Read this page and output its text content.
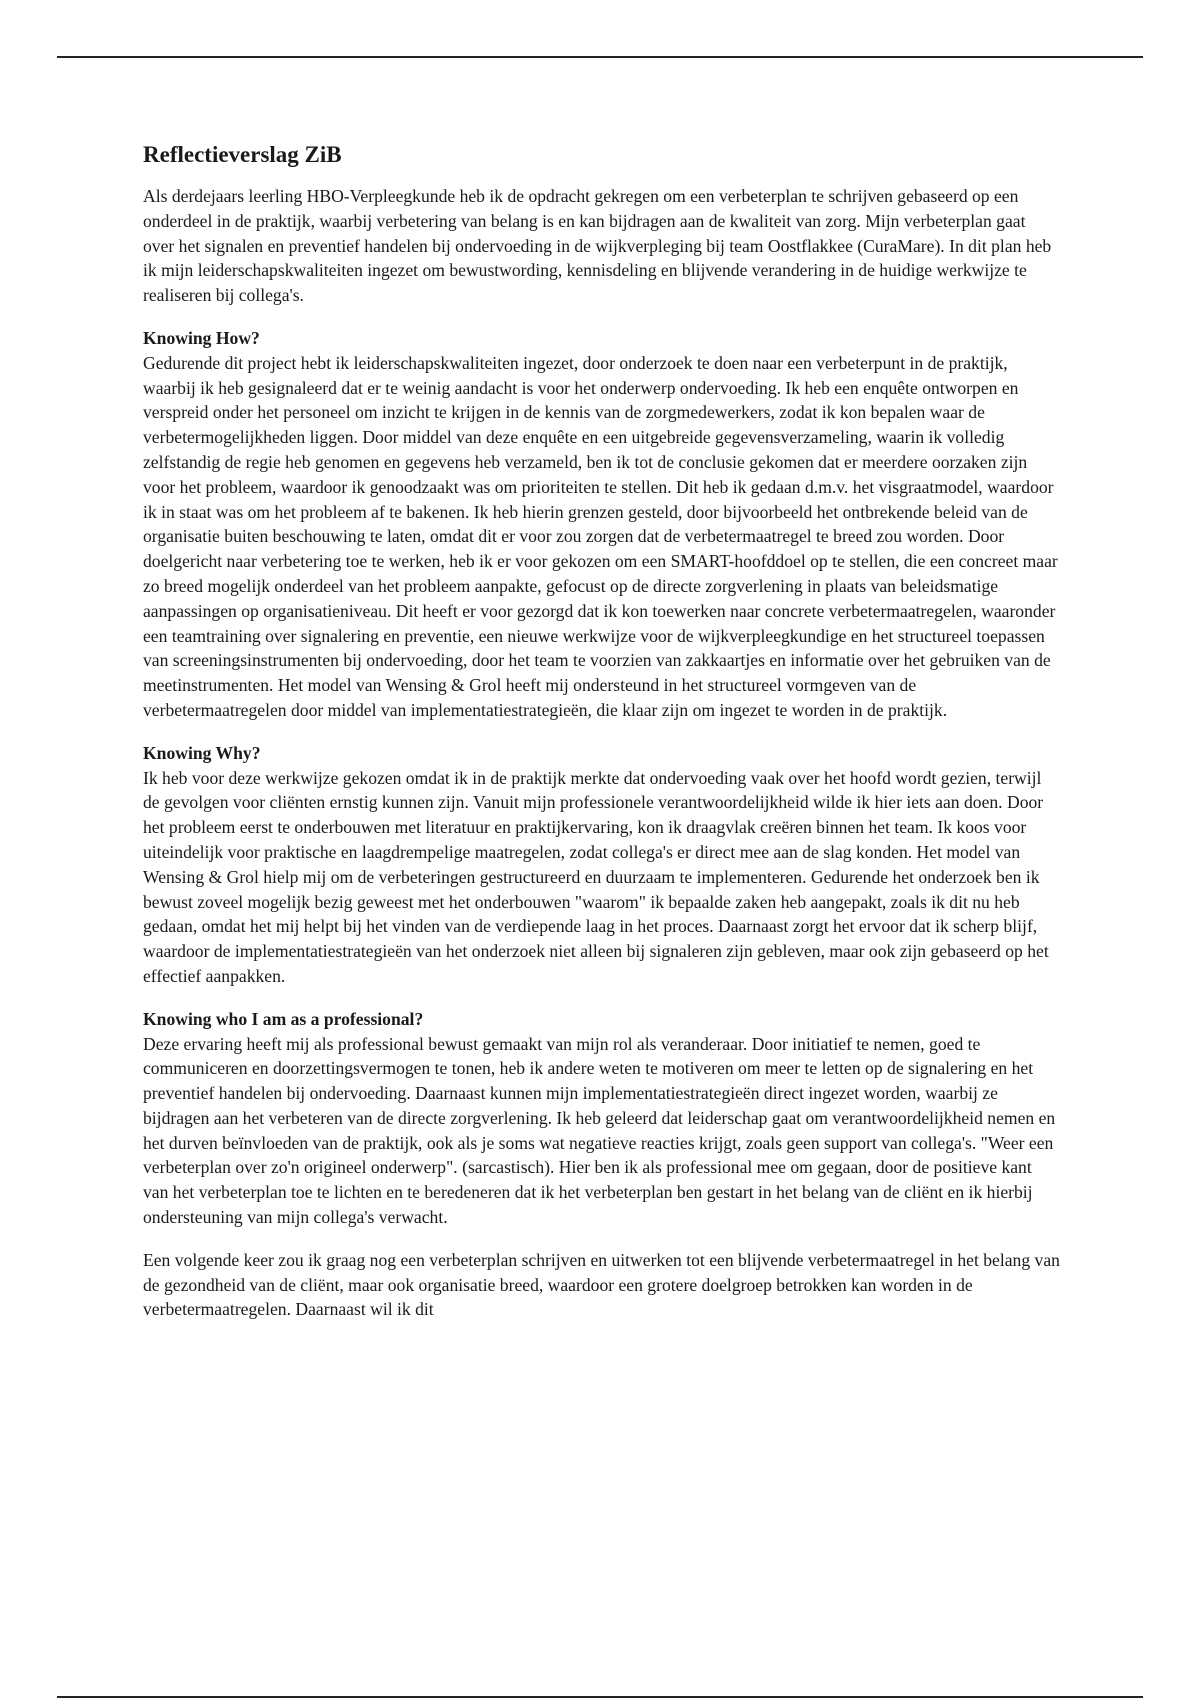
Reflectieverslag ZiB

Als derdejaars leerling HBO-Verpleegkunde heb ik de opdracht gekregen om een verbeterplan te schrijven gebaseerd op een onderdeel in de praktijk, waarbij verbetering van belang is en kan bijdragen aan de kwaliteit van zorg. Mijn verbeterplan gaat over het signalen en preventief handelen bij ondervoeding in de wijkverpleging bij team Oostflakkee (CuraMare). In dit plan heb ik mijn leiderschapskwaliteiten ingezet om bewustwording, kennisdeling en blijvende verandering in de huidige werkwijze te realiseren bij collega's.

Knowing How?

Gedurende dit project hebt ik leiderschapskwaliteiten ingezet, door onderzoek te doen naar een verbeterpunt in de praktijk, waarbij ik heb gesignaleerd dat er te weinig aandacht is voor het onderwerp ondervoeding. Ik heb een enquête ontworpen en verspreid onder het personeel om inzicht te krijgen in de kennis van de zorgmedewerkers, zodat ik kon bepalen waar de verbetermogelijkheden liggen. Door middel van deze enquête en een uitgebreide gegevensverzameling, waarin ik volledig zelfstandig de regie heb genomen en gegevens heb verzameld, ben ik tot de conclusie gekomen dat er meerdere oorzaken zijn voor het probleem, waardoor ik genoodzaakt was om prioriteiten te stellen. Dit heb ik gedaan d.m.v. het visgraatmodel, waardoor ik in staat was om het probleem af te bakenen. Ik heb hierin grenzen gesteld, door bijvoorbeeld het ontbrekende beleid van de organisatie buiten beschouwing te laten, omdat dit er voor zou zorgen dat de verbetermaatregel te breed zou worden. Door doelgericht naar verbetering toe te werken, heb ik er voor gekozen om een SMART-hoofddoel op te stellen, die een concreet maar zo breed mogelijk onderdeel van het probleem aanpakte, gefocust op de directe zorgverlening in plaats van beleidsmatige aanpassingen op organisatieniveau. Dit heeft er voor gezorgd dat ik kon toewerken naar concrete verbetermaatregelen, waaronder een teamtraining over signalering en preventie, een nieuwe werkwijze voor de wijkverpleegkundige en het structureel toepassen van screeningsinstrumenten bij ondervoeding, door het team te voorzien van zakkaartjes en informatie over het gebruiken van de meetinstrumenten. Het model van Wensing & Grol heeft mij ondersteund in het structureel vormgeven van de verbetermaatregelen door middel van implementatiestrategieën, die klaar zijn om ingezet te worden in de praktijk.

Knowing Why?

Ik heb voor deze werkwijze gekozen omdat ik in de praktijk merkte dat ondervoeding vaak over het hoofd wordt gezien, terwijl de gevolgen voor cliënten ernstig kunnen zijn. Vanuit mijn professionele verantwoordelijkheid wilde ik hier iets aan doen. Door het probleem eerst te onderbouwen met literatuur en praktijkervaring, kon ik draagvlak creëren binnen het team. Ik koos voor uiteindelijk voor praktische en laagdrempelige maatregelen, zodat collega's er direct mee aan de slag konden. Het model van Wensing & Grol hielp mij om de verbeteringen gestructureerd en duurzaam te implementeren. Gedurende het onderzoek ben ik bewust zoveel mogelijk bezig geweest met het onderbouwen "waarom" ik bepaalde zaken heb aangepakt, zoals ik dit nu heb gedaan, omdat het mij helpt bij het vinden van de verdiepende laag in het proces. Daarnaast zorgt het ervoor dat ik scherp blijf, waardoor de implementatiestrategieën van het onderzoek niet alleen bij signaleren zijn gebleven, maar ook zijn gebaseerd op het effectief aanpakken.

Knowing who I am as a professional?

Deze ervaring heeft mij als professional bewust gemaakt van mijn rol als veranderaar. Door initiatief te nemen, goed te communiceren en doorzettingsvermogen te tonen, heb ik andere weten te motiveren om meer te letten op de signalering en het preventief handelen bij ondervoeding. Daarnaast kunnen mijn implementatiestrategieën direct ingezet worden, waarbij ze bijdragen aan het verbeteren van de directe zorgverlening. Ik heb geleerd dat leiderschap gaat om verantwoordelijkheid nemen en het durven beïnvloeden van de praktijk, ook als je soms wat negatieve reacties krijgt, zoals geen support van collega's. "Weer een verbeterplan over zo'n origineel onderwerp". (sarcastisch). Hier ben ik als professional mee om gegaan, door de positieve kant van het verbeterplan toe te lichten en te beredeneren dat ik het verbeterplan ben gestart in het belang van de cliënt en ik hierbij ondersteuning van mijn collega's verwacht.

Een volgende keer zou ik graag nog een verbeterplan schrijven en uitwerken tot een blijvende verbetermaatregel in het belang van de gezondheid van de cliënt, maar ook organisatie breed, waardoor een grotere doelgroep betrokken kan worden in de verbetermaatregelen. Daarnaast wil ik dit
